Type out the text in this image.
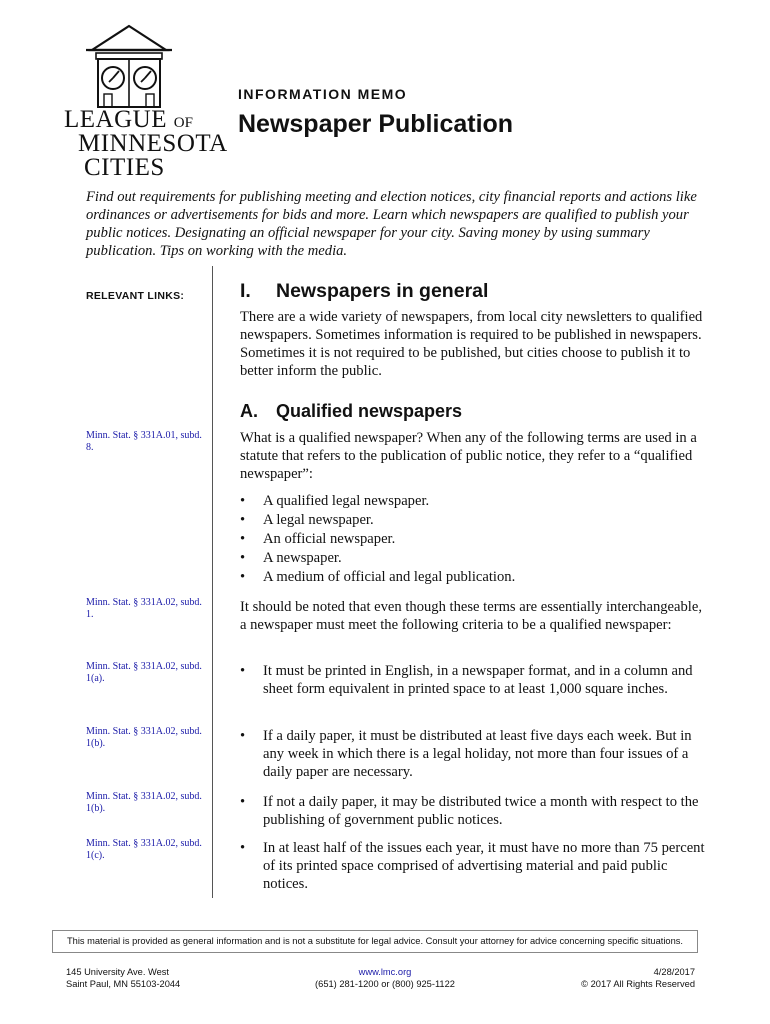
LEAGUE OF
MINNESOTA
CITIES
INFORMATION MEMO
Newspaper Publication
Find out requirements for publishing meeting and election notices, city financial reports and actions like ordinances or advertisements for bids and more. Learn which newspapers are qualified to publish your public notices. Designating an official newspaper for your city. Saving money by using summary publication. Tips on working with the media.
RELEVANT LINKS:
Minn. Stat. § 331A.01, subd. 8.
Minn. Stat. § 331A.02, subd. 1.
Minn. Stat. § 331A.02, subd. 1(a).
Minn. Stat. § 331A.02, subd. 1(b).
Minn. Stat. § 331A.02, subd. 1(b).
Minn. Stat. § 331A.02, subd. 1(c).
I. Newspapers in general
There are a wide variety of newspapers, from local city newsletters to qualified newspapers. Sometimes information is required to be published in newspapers. Sometimes it is not required to be published, but cities choose to publish it to better inform the public.
A. Qualified newspapers
What is a qualified newspaper? When any of the following terms are used in a statute that refers to the publication of public notice, they refer to a “qualified newspaper”:
• A qualified legal newspaper.
• A legal newspaper.
• An official newspaper.
• A newspaper.
• A medium of official and legal publication.
It should be noted that even though these terms are essentially interchangeable, a newspaper must meet the following criteria to be a qualified newspaper:
• It must be printed in English, in a newspaper format, and in a column and sheet form equivalent in printed space to at least 1,000 square inches.
• If a daily paper, it must be distributed at least five days each week. But in any week in which there is a legal holiday, not more than four issues of a daily paper are necessary.
• If not a daily paper, it may be distributed twice a month with respect to the publishing of government public notices.
• In at least half of the issues each year, it must have no more than 75 percent of its printed space comprised of advertising material and paid public notices.
This material is provided as general information and is not a substitute for legal advice. Consult your attorney for advice concerning specific situations.
145 University Ave. West
Saint Paul, MN 55103-2044
www.lmc.org
(651) 281-1200 or (800) 925-1122
4/28/2017
© 2017 All Rights Reserved
